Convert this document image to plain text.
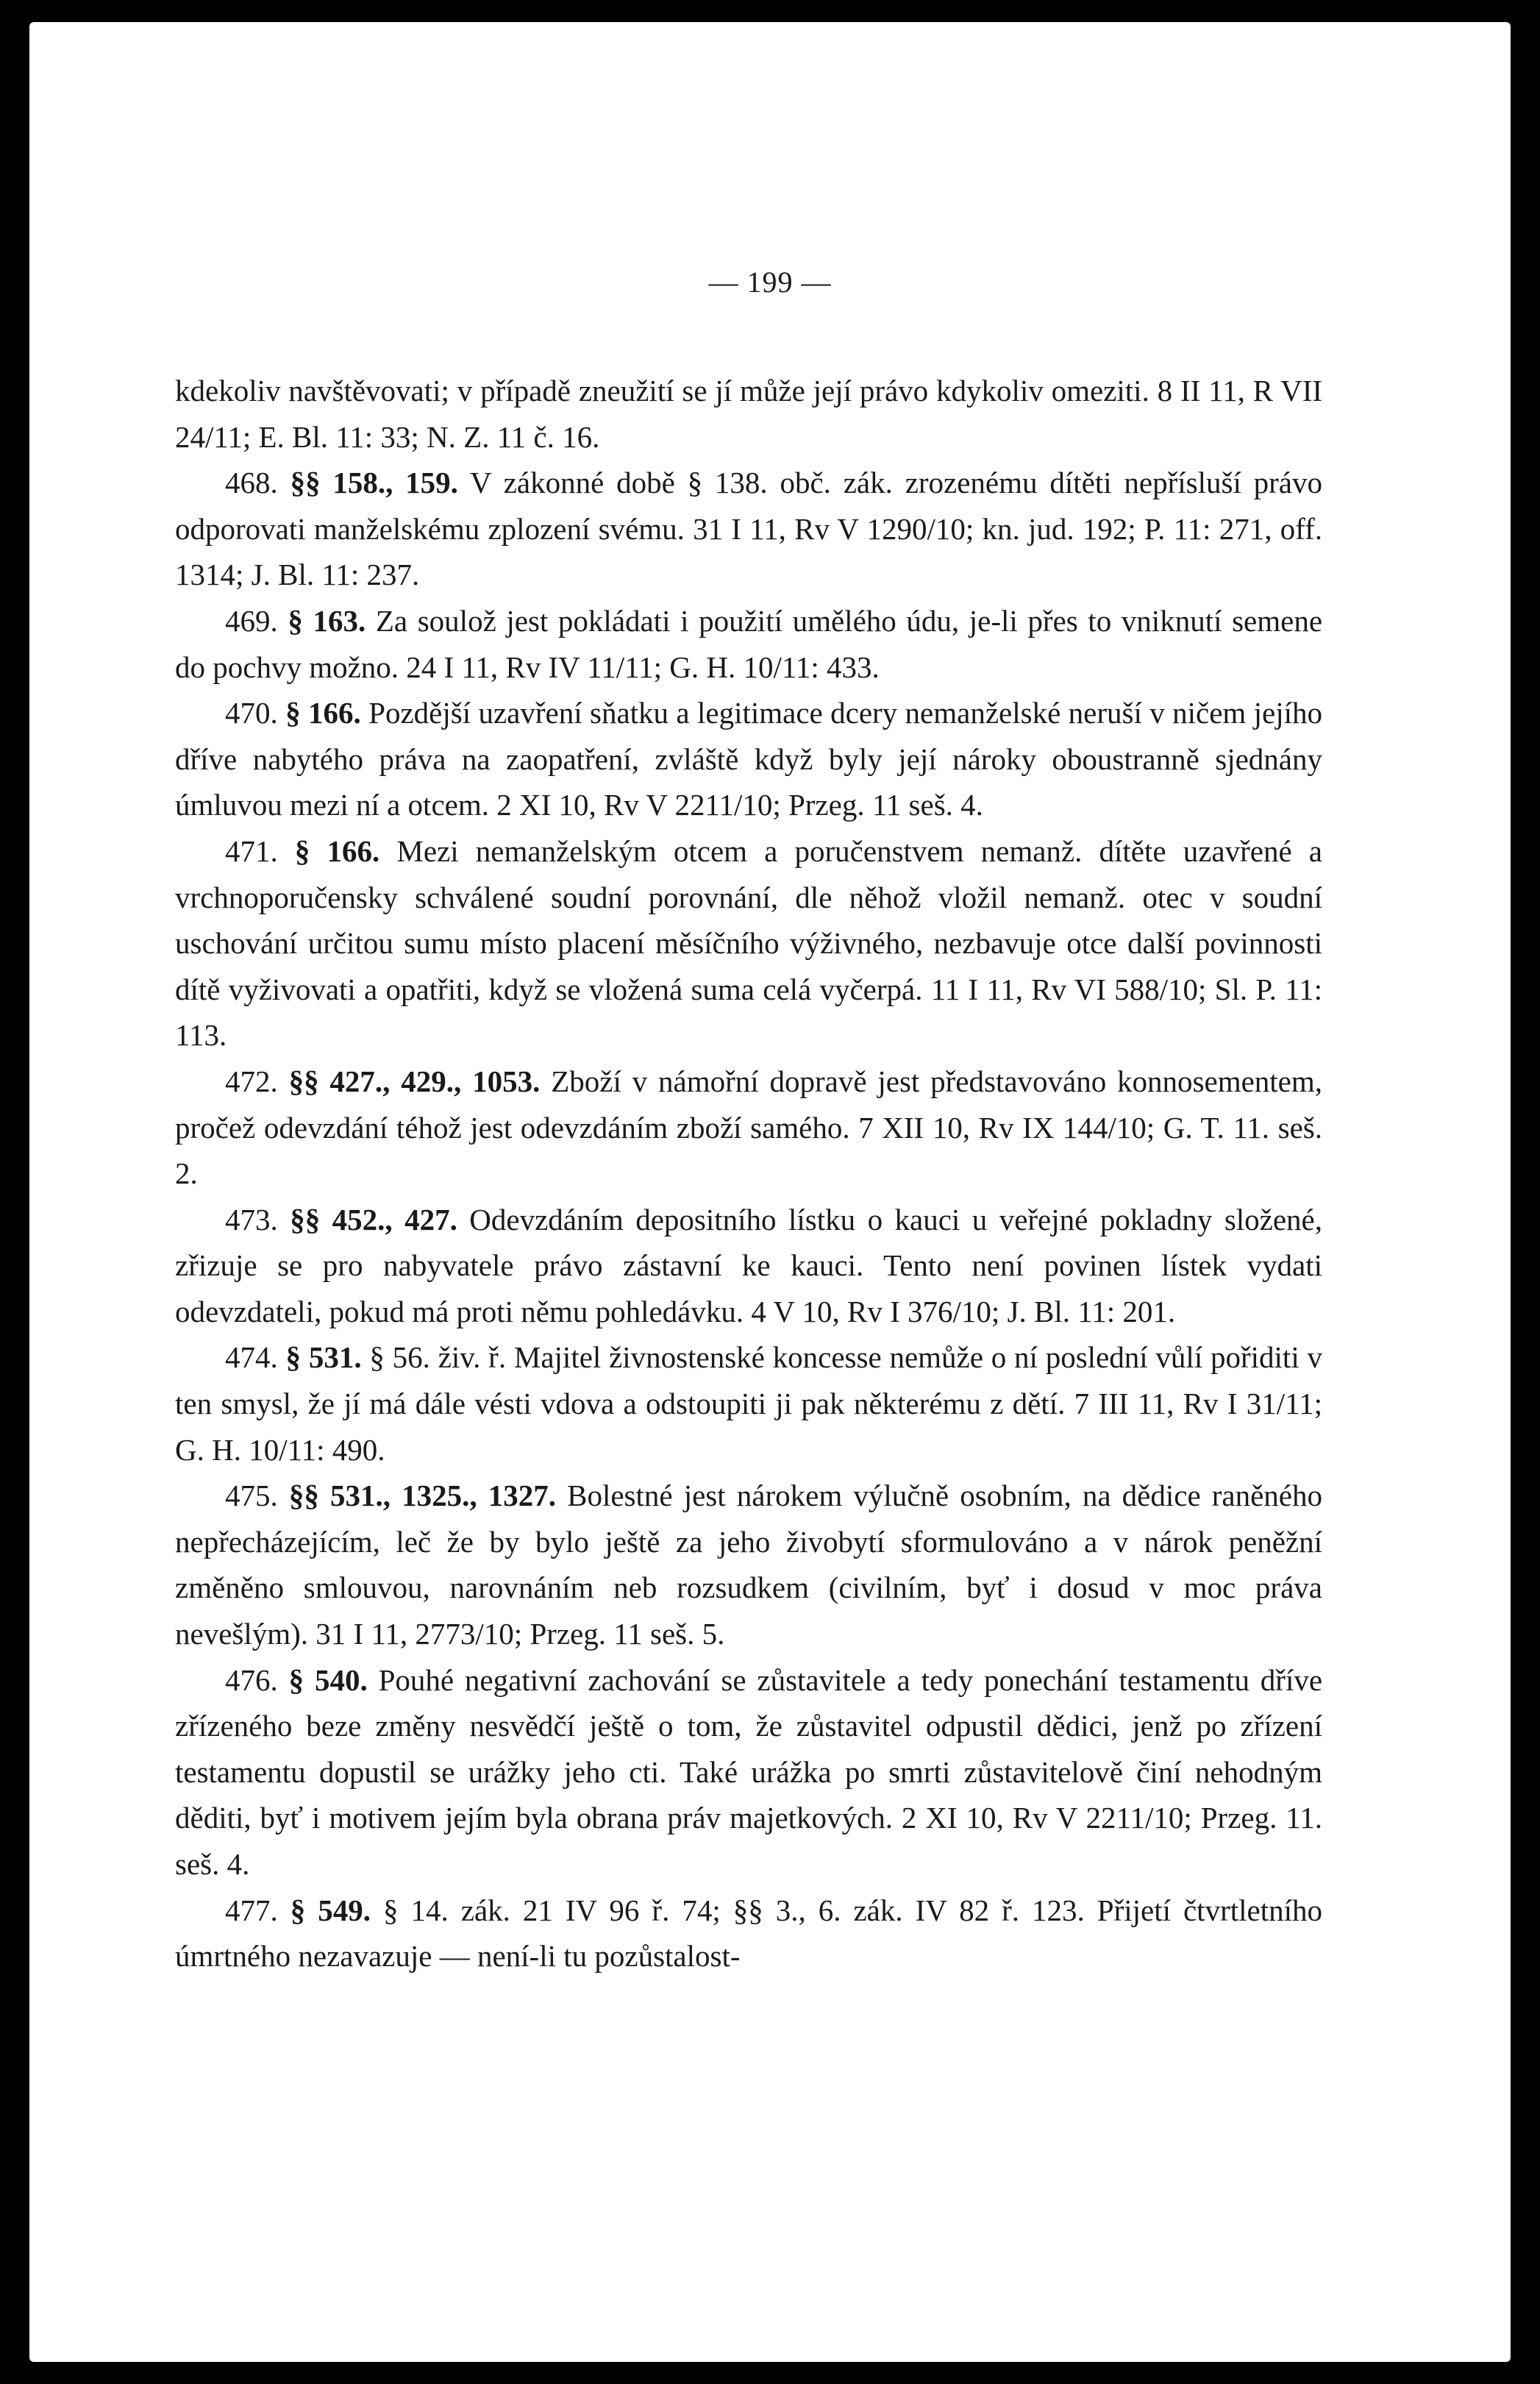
— 199 —

kdekoliv navštěvovati; v případě zneužití se jí může její právo kdykoliv omeziti. 8 II 11, R VII 24/11; E. Bl. 11: 33; N. Z. 11 č. 16.

468. §§ 158., 159. V zákonné době § 138. obč. zák. zrozenému dítěti nepřísluší právo odporovati manželskému zplození svému. 31 I 11, Rv V 1290/10; kn. jud. 192; P. 11: 271, off. 1314; J. Bl. 11: 237.

469. § 163. Za soulož jest pokládati i použití umělého údu, je-li přes to vniknutí semene do pochvy možno. 24 I 11, Rv IV 11/11; G. H. 10/11: 433.

470. § 166. Pozdější uzavření sňatku a legitimace dcery nemanželské neruší v ničem jejího dříve nabytého práva na zaopatření, zvláště když byly její nároky oboustranně sjednány úmluvou mezi ní a otcem. 2 XI 10, Rv V 2211/10; Przeg. 11 seš. 4.

471. § 166. Mezi nemanželským otcem a poručenstvem nemanž. dítěte uzavřené a vrchnoporučensky schválené soudní porovnání, dle něhož vložil nemanž. otec v soudní uschování určitou sumu místo placení měsíčního výživného, nezbavuje otce další povinnosti dítě vyživovati a opatřiti, když se vložená suma celá vyčerpá. 11 I 11, Rv VI 588/10; Sl. P. 11: 113.

472. §§ 427., 429., 1053. Zboží v námořní dopravě jest představováno konnosementem, pročež odevzdání téhož jest odevzdáním zboží samého. 7 XII 10, Rv IX 144/10; G. T. 11. seš. 2.

473. §§ 452., 427. Odevzdáním depositního lístku o kauci u veřejné pokladny složené, zřizuje se pro nabyvatele právo zástavní ke kauci. Tento není povinen lístek vydati odevzdateli, pokud má proti němu pohledávku. 4 V 10, Rv I 376/10; J. Bl. 11: 201.

474. § 531. § 56. živ. ř. Majitel živnostenské koncesse nemůže o ní poslední vůlí pořiditi v ten smysl, že jí má dále vésti vdova a odstoupiti ji pak některému z dětí. 7 III 11, Rv I 31/11; G. H. 10/11: 490.

475. §§ 531., 1325., 1327. Bolestné jest nárokem výlučně osobním, na dědice raněného nepřecházejícím, leč že by bylo ještě za jeho živobytí sformulováno a v nárok peněžní změněno smlouvou, narovnáním neb rozsudkem (civilním, byť i dosud v moc práva nevešlým). 31 I 11, 2773/10; Przeg. 11 seš. 5.

476. § 540. Pouhé negativní zachování se zůstavitele a tedy ponechání testamentu dříve zřízeného beze změny nesvědčí ještě o tom, že zůstavitel odpustil dědici, jenž po zřízení testamentu dopustil se urážky jeho cti. Také urážka po smrti zůstavitelově činí nehodným děditi, byť i motivem jejím byla obrana práv majetkových. 2 XI 10, Rv V 2211/10; Przeg. 11. seš. 4.

477. § 549. § 14. zák. 21 IV 96 ř. 74; §§ 3., 6. zák. IV 82 ř. 123. Přijetí čtvrtletního úmrtného nezavazuje — není-li tu pozůstalost-
